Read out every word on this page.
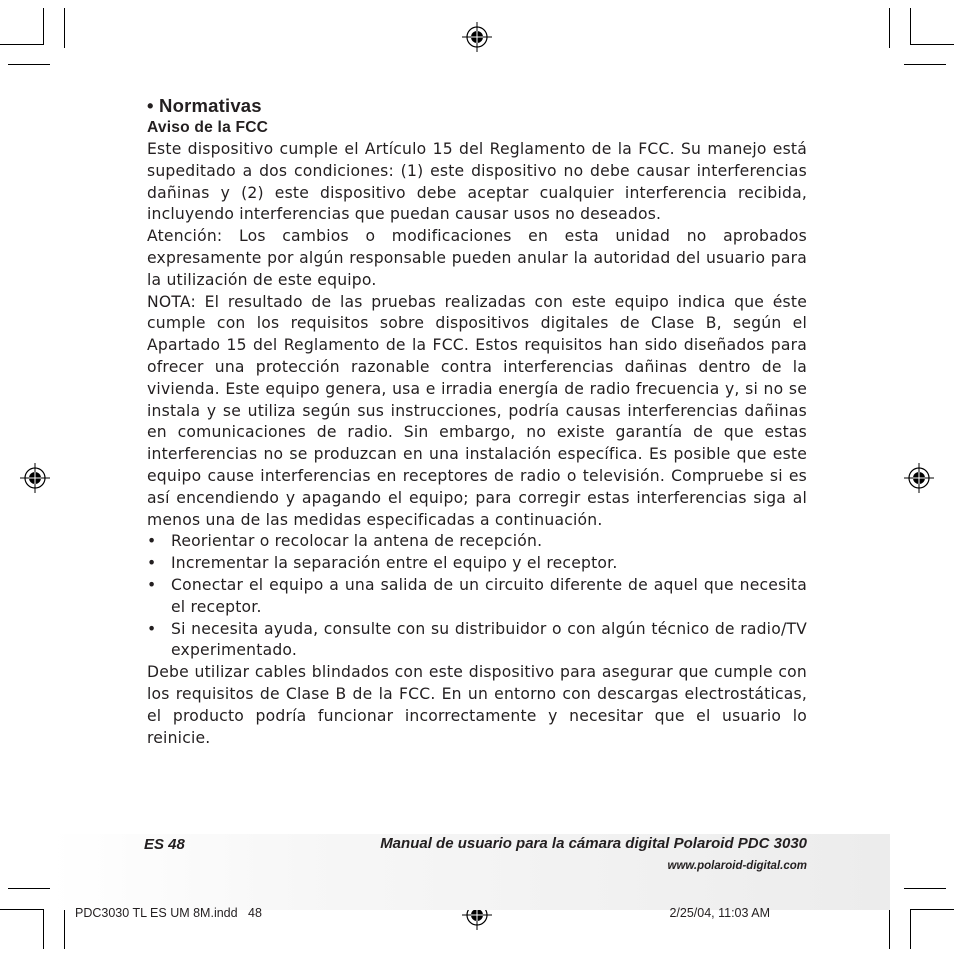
• Normativas
Aviso de la FCC

Este dispositivo cumple el Artículo 15 del Reglamento de la FCC. Su manejo está supeditado a dos condiciones: (1) este dispositivo no debe causar interferencias dañinas y (2) este dispositivo debe aceptar cualquier interferencia recibida, incluyendo interferencias que puedan causar usos no deseados.

Atención: Los cambios o modificaciones en esta unidad no aprobados expresamente por algún responsable pueden anular la autoridad del usuario para la utilización de este equipo.

NOTA: El resultado de las pruebas realizadas con este equipo indica que éste cumple con los requisitos sobre dispositivos digitales de Clase B, según el Apartado 15 del Reglamento de la FCC. Estos requisitos han sido diseñados para ofrecer una protección razonable contra interferencias dañinas dentro de la vivienda. Este equipo genera, usa e irradia energía de radio frecuencia y, si no se instala y se utiliza según sus instrucciones, podría causas interferencias dañinas en comunicaciones de radio. Sin embargo, no existe garantía de que estas interferencias no se produzcan en una instalación específica. Es posible que este equipo cause interferencias en receptores de radio o televisión. Compruebe si es así encendiendo y apagando el equipo; para corregir estas interferencias siga al menos una de las medidas especificadas a continuación.

• Reorientar o recolocar la antena de recepción.
• Incrementar la separación entre el equipo y el receptor.
• Conectar el equipo a una salida de un circuito diferente de aquel que necesita el receptor.
• Si necesita ayuda, consulte con su distribuidor o con algún técnico de radio/TV experimentado.

Debe utilizar cables blindados con este dispositivo para asegurar que cumple con los requisitos de Clase B de la FCC. En un entorno con descargas electrostáticas, el producto podría funcionar incorrectamente y necesitar que el usuario lo reinicie.

ES 48	Manual de usuario para la cámara digital Polaroid PDC 3030
www.polaroid-digital.com
PDC3030 TL ES UM 8M.indd   48	2/25/04, 11:03 AM
